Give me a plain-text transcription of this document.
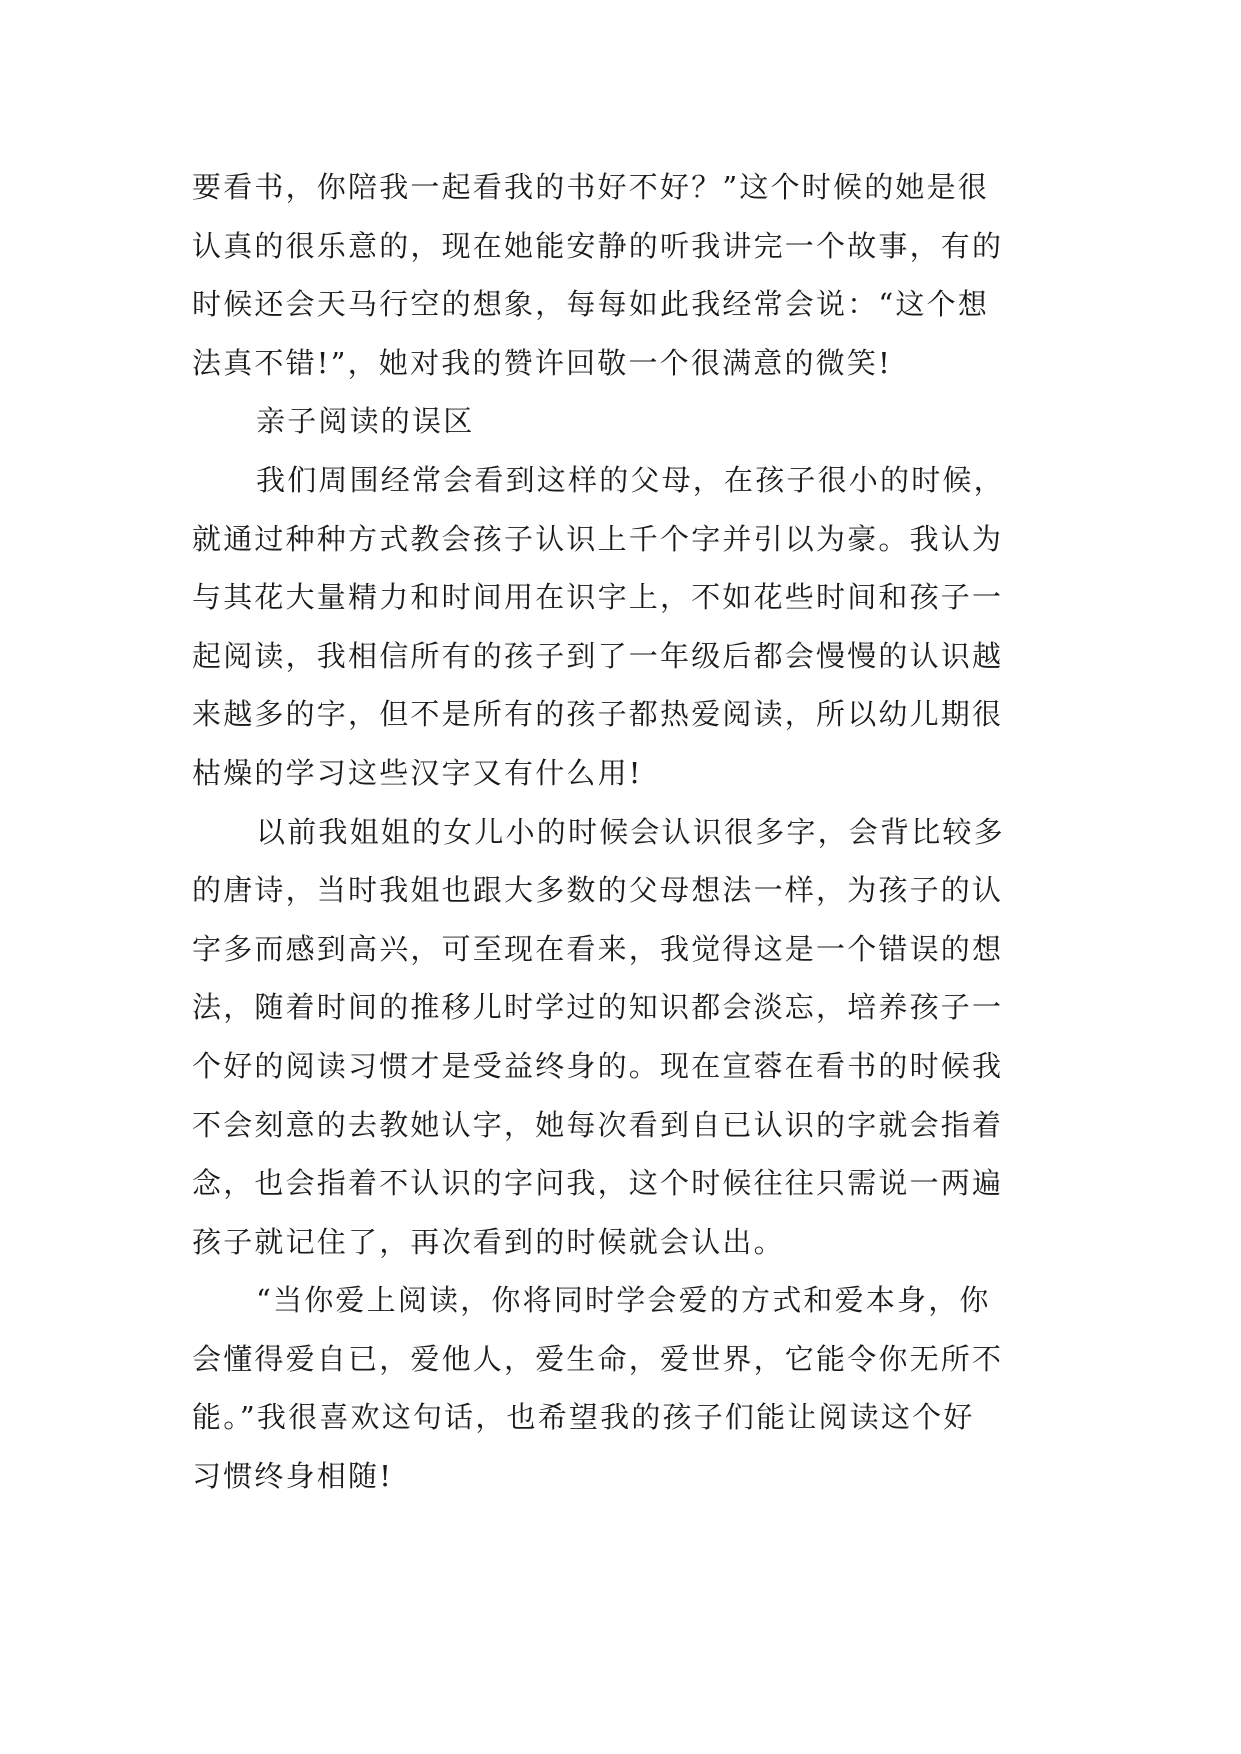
要看书，你陪我一起看我的书好不好？”这个时候的她是很
认真的很乐意的，现在她能安静的听我讲完一个故事，有的
时候还会天马行空的想象，每每如此我经常会说：“这个想
法真不错!”，她对我的赞许回敬一个很满意的微笑!

亲子阅读的误区

我们周围经常会看到这样的父母，在孩子很小的时候，
就通过种种方式教会孩子认识上千个字并引以为豪。我认为
与其花大量精力和时间用在识字上，不如花些时间和孩子一
起阅读，我相信所有的孩子到了一年级后都会慢慢的认识越
来越多的字，但不是所有的孩子都热爱阅读，所以幼儿期很
枯燥的学习这些汉字又有什么用!

以前我姐姐的女儿小的时候会认识很多字，会背比较多
的唐诗，当时我姐也跟大多数的父母想法一样，为孩子的认
字多而感到高兴，可至现在看来，我觉得这是一个错误的想
法，随着时间的推移儿时学过的知识都会淡忘，培养孩子一
个好的阅读习惯才是受益终身的。现在宣蓉在看书的时候我
不会刻意的去教她认字，她每次看到自已认识的字就会指着
念，也会指着不认识的字问我，这个时候往往只需说一两遍
孩子就记住了，再次看到的时候就会认出。

“当你爱上阅读，你将同时学会爱的方式和爱本身，你
会懂得爱自已，爱他人，爱生命，爱世界，它能令你无所不
能。”我很喜欢这句话，也希望我的孩子们能让阅读这个好
习惯终身相随!
